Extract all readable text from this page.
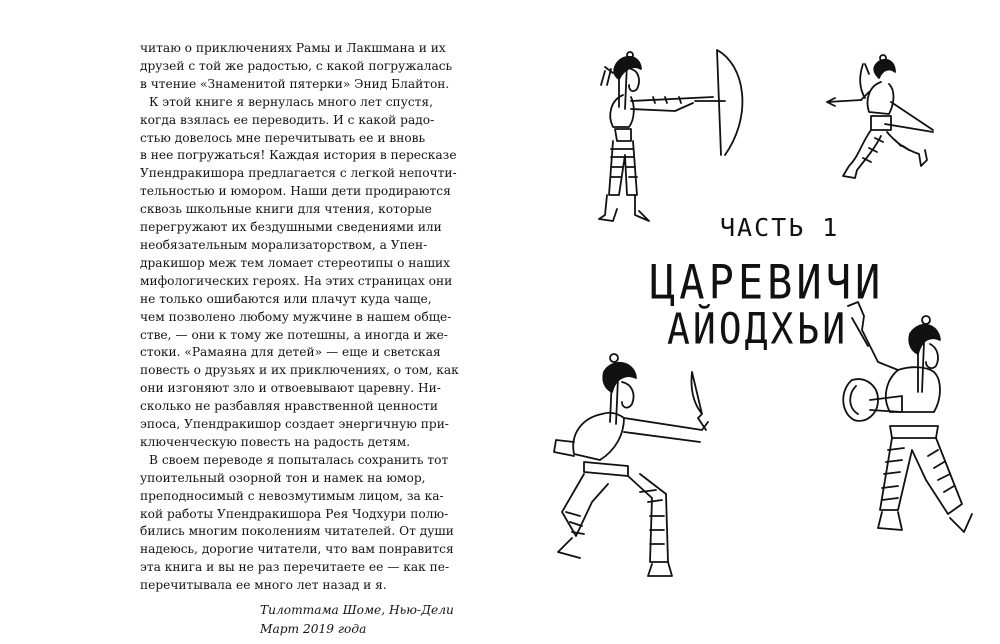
читаю о приключениях Рамы и Лакшмана и их
друзей с той же радостью, с какой погружалась
в чтение «Знаменитой пятерки» Энид Блайтон.
К этой книге я вернулась много лет спустя,
когда взялась ее переводить. И с какой радо-
стью довелось мне перечитывать ее и вновь
в нее погружаться! Каждая история в пересказе
Упендракишора предлагается с легкой непочти-
тельностью и юмором. Наши дети продираются
сквозь школьные книги для чтения, которые
перегружают их бездушными сведениями или
необязательным морализаторством, а Упен-
дракишор меж тем ломает стереотипы о наших
мифологических героях. На этих страницах они
не только ошибаются или плачут куда чаще,
чем позволено любому мужчине в нашем обще-
стве, — они к тому же потешны, а иногда и же-
стоки. «Рамаяна для детей» — еще и светская
повесть о друзьях и их приключениях, о том, как
они изгоняют зло и отвоевывают царевну. Ни-
сколько не разбавляя нравственной ценности
эпоса, Упендракишор создает энергичную при-
ключенческую повесть на радость детям.
В своем переводе я попыталась сохранить тот
упоительный озорной тон и намек на юмор,
преподносимый с невозмутимым лицом, за ка-
кой работы Упендракишора Рея Чодхури полю-
бились многим поколениям читателей. От души
надеюсь, дорогие читатели, что вам понравится
эта книга и вы не раз перечитаете ее — как пе-
перечитывала ее много лет назад и я.
Тилоттама Шоме, Нью-Дели
Март 2019 года
ЧАСТЬ 1
ЦАРЕВИЧИ
АЙОДХЬИ
